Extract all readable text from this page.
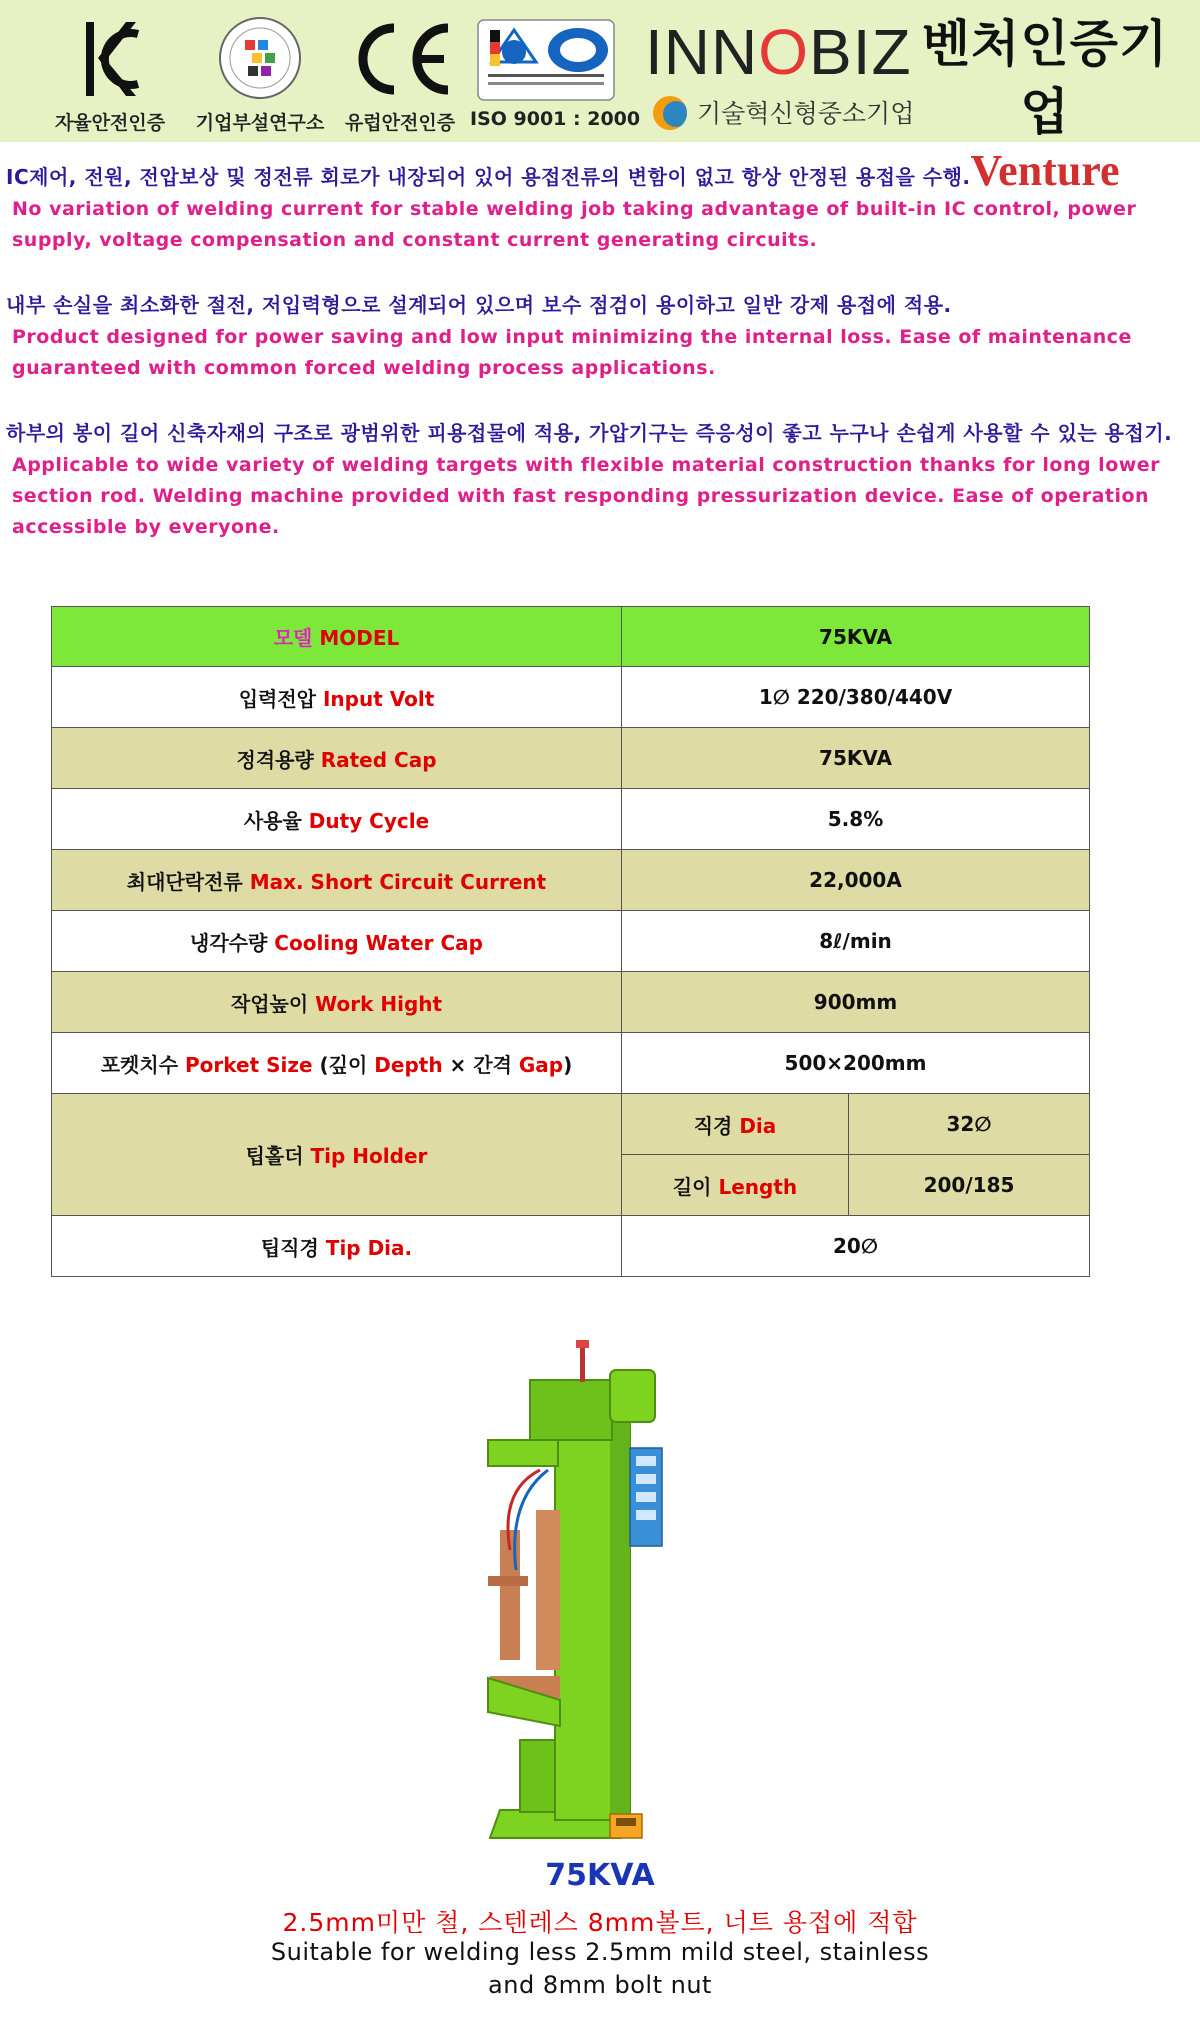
자율안전인증	기업부설연구소	유럽안전인증 ISO 9001 : 2000
INNOBIZ
기술혁신형중소기업
벤처인증기업
Venture
IC제어, 전원, 전압보상 및 정전류 회로가 내장되어 있어 용접전류의 변함이 없고 항상 안정된 용접을 수행.
No variation of welding current for stable welding job taking advantage of built-in IC control, power supply, voltage compensation and constant current generating circuits.
내부 손실을 최소화한 절전, 저입력형으로 설계되어 있으며 보수 점검이 용이하고 일반 강제 용접에 적용.
Product designed for power saving and low input minimizing the internal loss. Ease of maintenance guaranteed with common forced welding process applications.
하부의 봉이 길어 신축자재의 구조로 광범위한 피용접물에 적용, 가압기구는 즉응성이 좋고 누구나 손쉽게 사용할 수 있는 용접기.
Applicable to wide variety of welding targets with flexible material construction thanks for long lower section rod. Welding machine provided with fast responding pressurization device. Ease of operation accessible by everyone.
모델 MODEL	75KVA	
입력전압 Input Volt	1∅ 220/380/440V	
정격용량 Rated Cap	75KVA	
사용율 Duty Cycle	5.8%	
최대단락전류 Max. Short Circuit Current	22,000A	
냉각수량 Cooling Water Cap	8ℓ/min	
작업높이 Work Hight	900mm	
포켓치수 Porket Size (깊이 Depth × 간격 Gap)	500×200mm	
팁홀더 Tip Holder	직경 Dia	32∅
	길이 Length	200/185
팁직경 Tip Dia.	20∅	
75KVA
2.5mm미만 철, 스텐레스 8mm볼트, 너트 용접에 적합
Suitable for welding less 2.5mm mild steel, stainless
and 8mm bolt nut
